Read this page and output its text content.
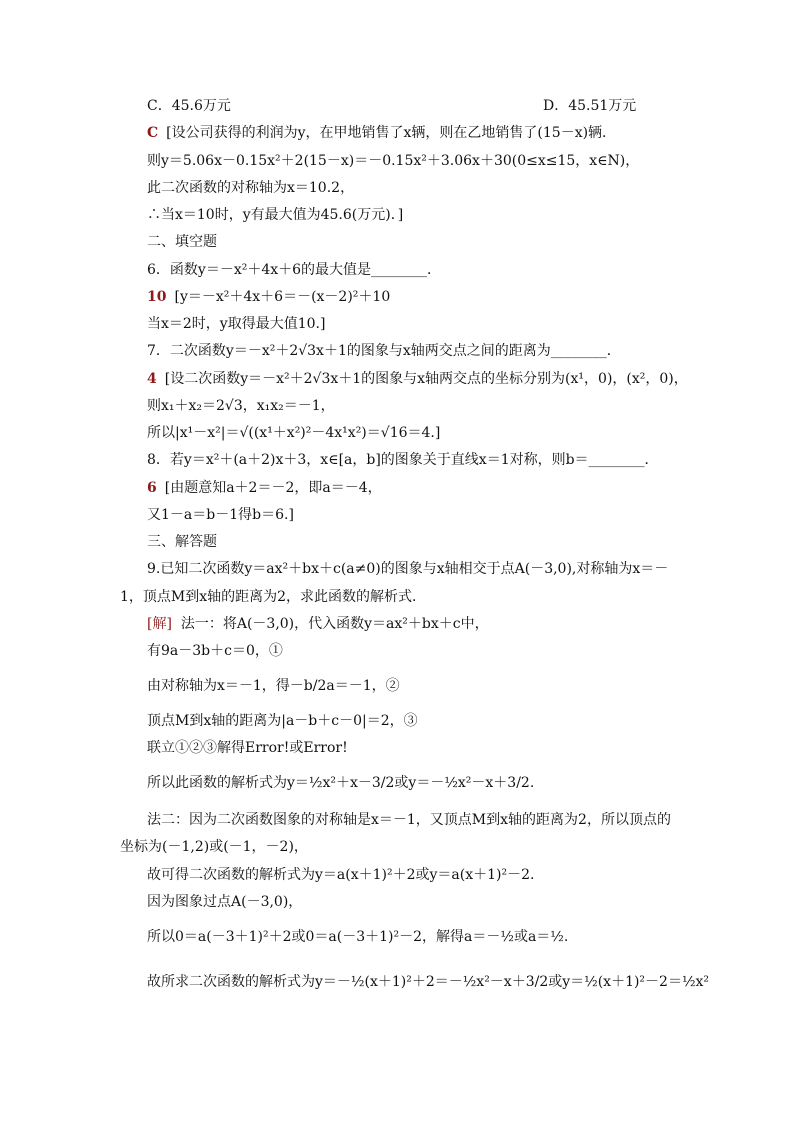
C．45.6万元	D．45.51万元
C [设公司获得的利润为y，在甲地销售了x辆，则在乙地销售了(15－x)辆．
则y＝5.06x－0.15x²＋2(15－x)＝－0.15x²＋3.06x＋30(0≤x≤15，x∈N)，
此二次函数的对称轴为x＝10.2，
∴当x＝10时，y有最大值为45.6(万元)．]
二、填空题
6．函数y＝－x²＋4x＋6的最大值是________．
10 [y＝－x²＋4x＋6＝－(x－2)²＋10
当x＝2时，y取得最大值10.]
7．二次函数y＝－x²＋2√3x＋1的图象与x轴两交点之间的距离为________．
4 [设二次函数y＝－x²＋2√3x＋1的图象与x轴两交点的坐标分别为(x¹，0)，(x²，0)，
则x₁＋x₂＝2√3，x₁x₂＝－1，
所以|x¹－x²|＝√((x¹＋x²)²－4x¹x²)＝√16＝4.]
8．若y＝x²＋(a＋2)x＋3，x∈[a，b]的图象关于直线x＝1对称，则b＝________．
6 [由题意知a＋2＝－2，即a＝－4，
又1－a＝b－1得b＝6.]
三、解答题
9.已知二次函数y＝ax²＋bx＋c(a≠0)的图象与x轴相交于点A(－3,0),对称轴为x＝－
1，顶点M到x轴的距离为2，求此函数的解析式．
[解] 法一：将A(－3,0)，代入函数y＝ax²＋bx＋c中，
有9a－3b＋c＝0，①
由对称轴为x＝－1，得－b/2a＝－1，②
顶点M到x轴的距离为|a－b＋c－0|＝2，③
联立①②③解得Error!或Error!
所以此函数的解析式为y＝½x²＋x－3/2或y＝－½x²－x＋3/2.
法二：因为二次函数图象的对称轴是x＝－1，又顶点M到x轴的距离为2，所以顶点的
坐标为(－1,2)或(－1，－2)，
故可得二次函数的解析式为y＝a(x＋1)²＋2或y＝a(x＋1)²－2.
因为图象过点A(－3,0)，
所以0＝a(－3＋1)²＋2或0＝a(－3＋1)²－2，解得a＝－½或a＝½.
故所求二次函数的解析式为y＝－½(x＋1)²＋2＝－½x²－x＋3/2或y＝½(x＋1)²－2＝½x²
